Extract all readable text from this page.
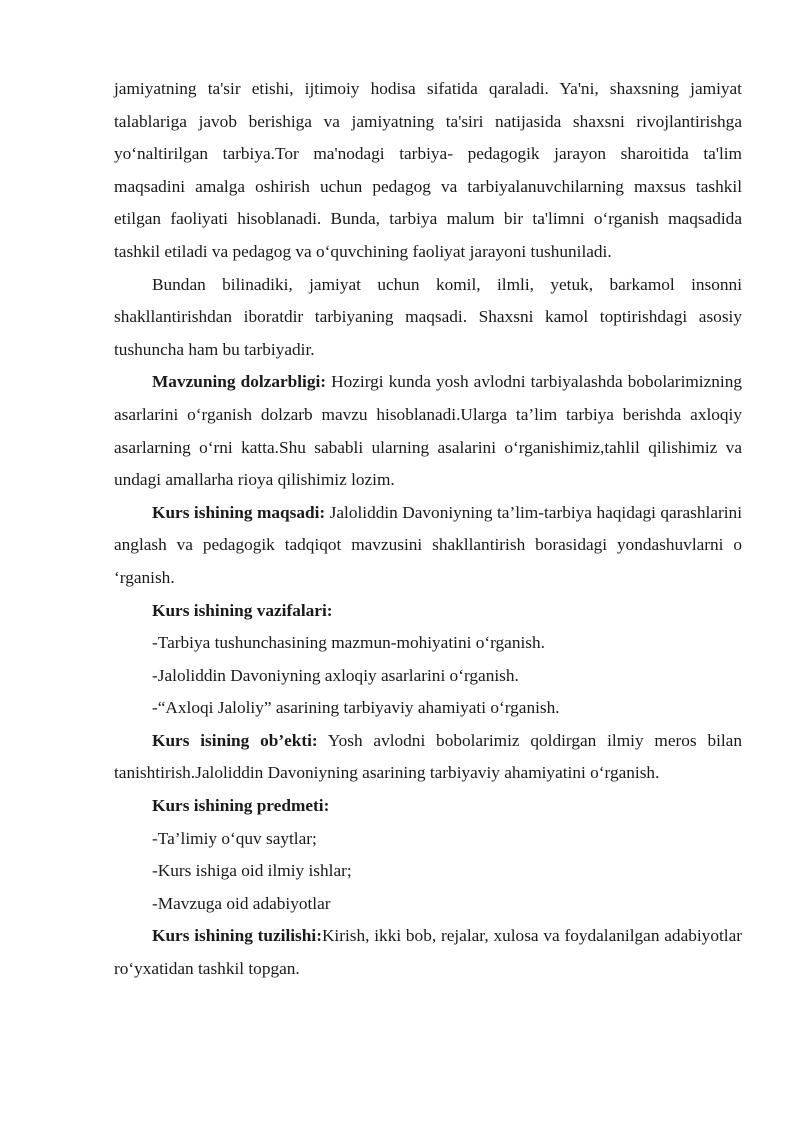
jamiyatning ta'sir etishi, ijtimoiy hodisa sifatida qaraladi. Ya'ni, shaxsning jamiyat talablariga javob berishiga va jamiyatning ta'siri natijasida shaxsni rivojlantirishga yo‘naltirilgan tarbiya.Tor ma'nodagi tarbiya- pedagogik jarayon sharoitida ta'lim maqsadini amalga oshirish uchun pedagog va tarbiyalanuvchilarning maxsus tashkil etilgan faoliyati hisoblanadi. Bunda, tarbiya malum bir ta'limni o‘rganish maqsadida tashkil etiladi va pedagog va o‘quvchining faoliyat jarayoni tushuniladi.

Bundan bilinadiki, jamiyat uchun komil, ilmli, yetuk, barkamol insonni shakllantirishdan iboratdir tarbiyaning maqsadi. Shaxsni kamol toptirishdagi asosiy tushuncha ham bu tarbiyadir.

Mavzuning dolzarbligi: Hozirgi kunda yosh avlodni tarbiyalashda bobolarimizning asarlarini o‘rganish dolzarb mavzu hisoblanadi.Ularga ta’lim tarbiya berishda axloqiy asarlarning o‘rni katta.Shu sababli ularning asalarini o‘rganishimiz,tahlil qilishimiz va undagi amallarha rioya qilishimiz lozim.

Kurs ishining maqsadi: Jaloliddin Davoniyning ta’lim-tarbiya haqidagi qarashlarini anglash va pedagogik tadqiqot mavzusini shakllantirish borasidagi yondashuvlarni o ‘rganish.

Kurs ishining vazifalari:

-Tarbiya tushunchasining mazmun-mohiyatini o‘rganish.

-Jaloliddin Davoniyning axloqiy asarlarini o‘rganish.

-“Axloqi Jaloliy” asarining tarbiyaviy ahamiyati o‘rganish.

Kurs isining ob’ekti: Yosh avlodni bobolarimiz qoldirgan ilmiy meros bilan tanishtirish.Jaloliddin Davoniyning asarining tarbiyaviy ahamiyatini o‘rganish.

Kurs ishining predmeti:

-Ta’limiy o‘quv saytlar;

-Kurs ishiga oid ilmiy ishlar;

-Mavzuga oid adabiyotlar

Kurs ishining tuzilishi:Kirish, ikki bob, rejalar, xulosa va foydalanilgan adabiyotlar ro‘yxatidan tashkil topgan.
